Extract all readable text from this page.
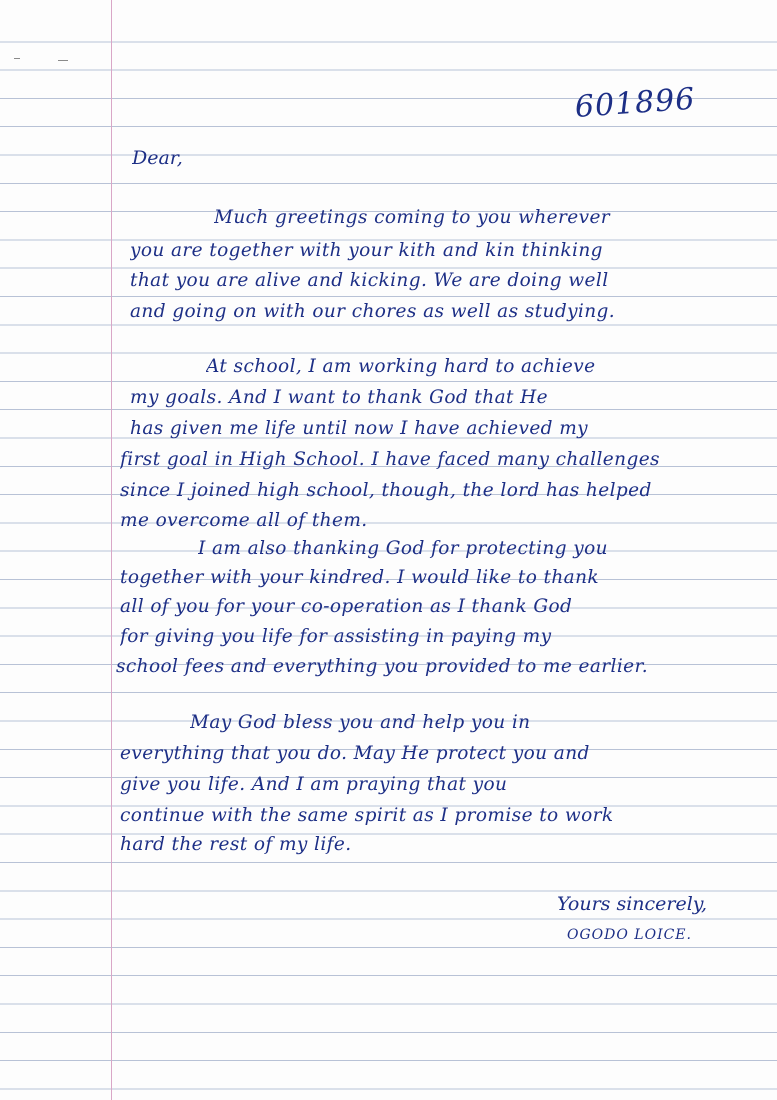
601896
Dear,
Much greetings coming to you wherever
you are together with your kith and kin thinking
that you are alive and kicking. We are doing well
and going on with our chores as well as studying.
At school, I am working hard to achieve
my goals. And I want to thank God that He
has given me life until now I have achieved my
first goal in High School. I have faced many challenges
since I joined high school, though, the lord has helped
me overcome all of them.
I am also thanking God for protecting you
together with your kindred. I would like to thank
all of you for your co-operation as I thank God
for giving you life for assisting in paying my
school fees and everything you provided to me earlier.
May God bless you and help you in
everything that you do. May He protect you and
give you life. And I am praying that you
continue with the same spirit as I promise to work
hard the rest of my life.
Yours sincerely,
OGODO LOICE.
